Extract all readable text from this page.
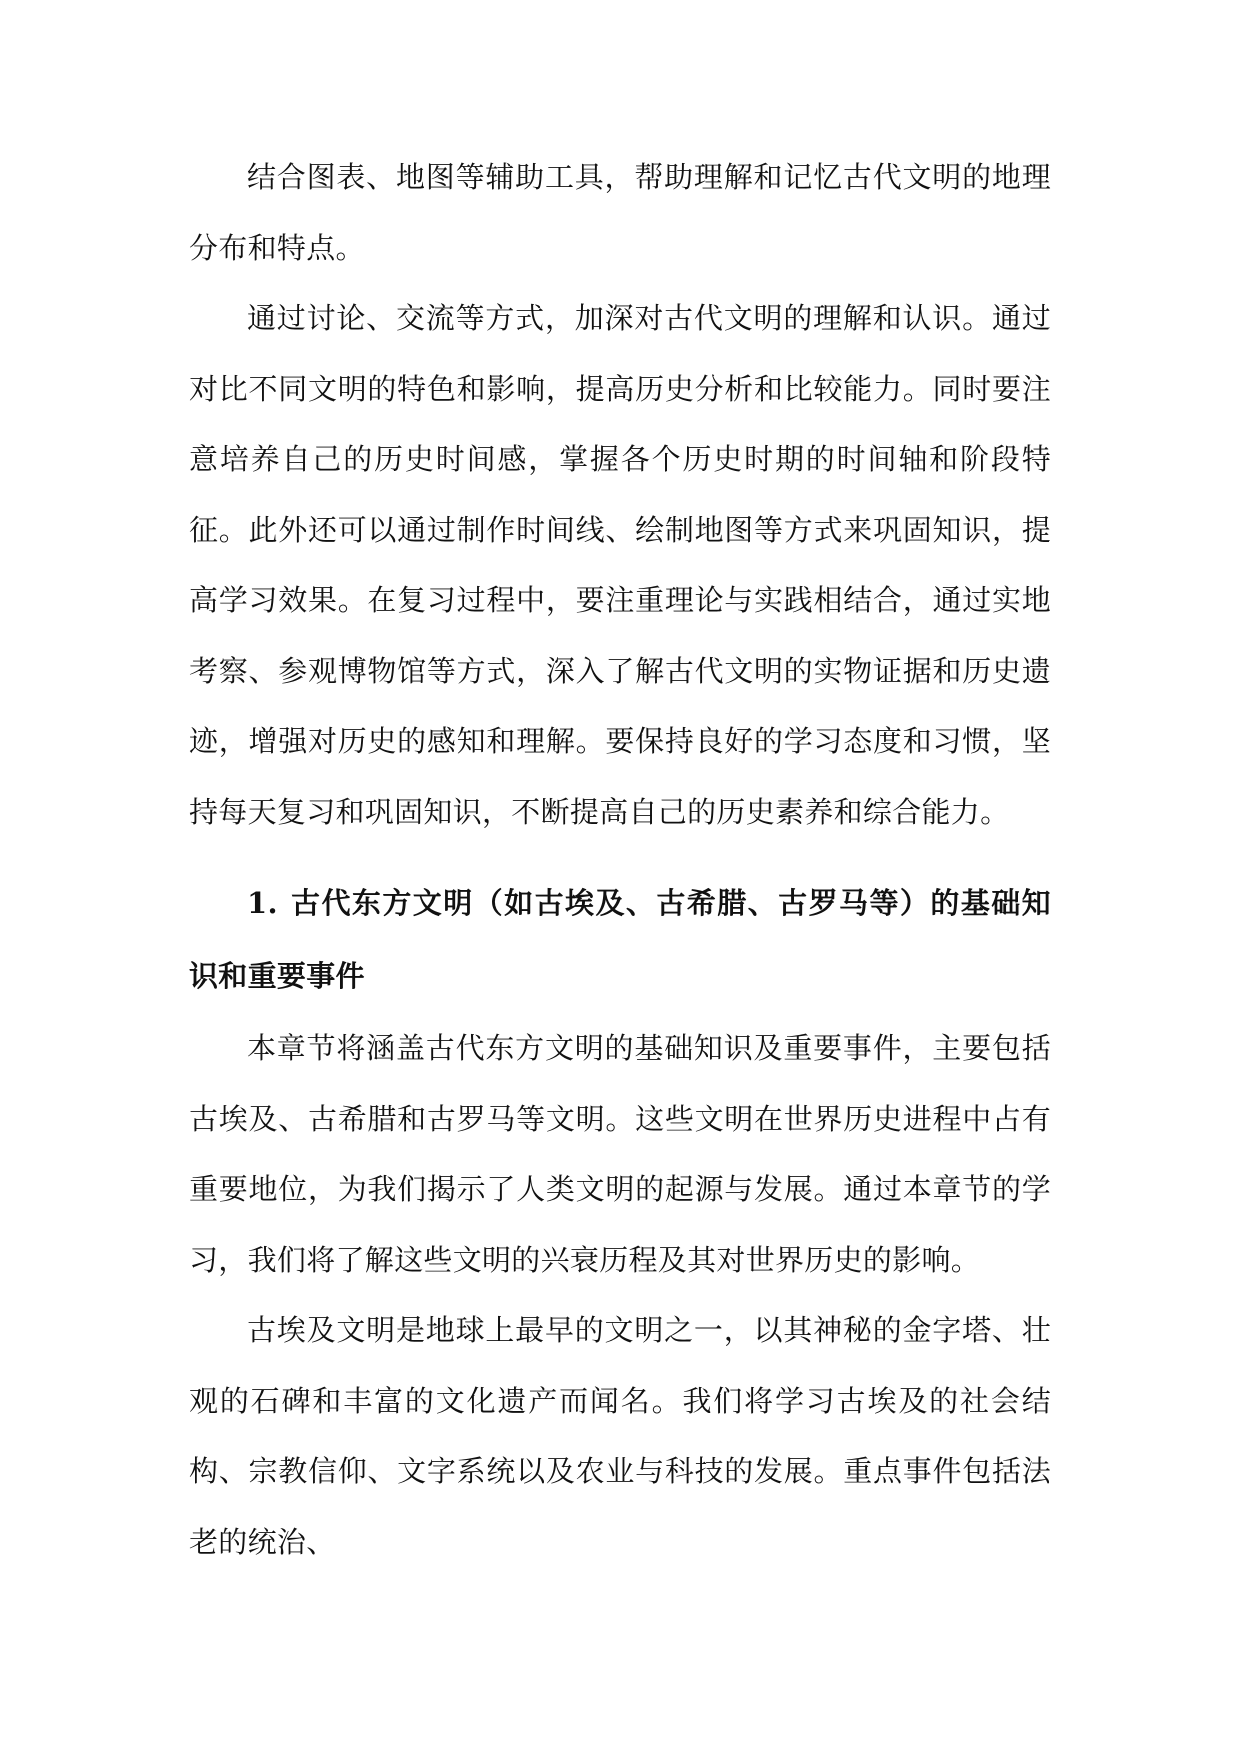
结合图表、地图等辅助工具，帮助理解和记忆古代文明的地理分布和特点。

通过讨论、交流等方式，加深对古代文明的理解和认识。通过对比不同文明的特色和影响，提高历史分析和比较能力。同时要注意培养自己的历史时间感，掌握各个历史时期的时间轴和阶段特征。此外还可以通过制作时间线、绘制地图等方式来巩固知识，提高学习效果。在复习过程中，要注重理论与实践相结合，通过实地考察、参观博物馆等方式，深入了解古代文明的实物证据和历史遗迹，增强对历史的感知和理解。要保持良好的学习态度和习惯，坚持每天复习和巩固知识，不断提高自己的历史素养和综合能力。

1. 古代东方文明（如古埃及、古希腊、古罗马等）的基础知识和重要事件

本章节将涵盖古代东方文明的基础知识及重要事件，主要包括古埃及、古希腊和古罗马等文明。这些文明在世界历史进程中占有重要地位，为我们揭示了人类文明的起源与发展。通过本章节的学习，我们将了解这些文明的兴衰历程及其对世界历史的影响。

古埃及文明是地球上最早的文明之一，以其神秘的金字塔、壮观的石碑和丰富的文化遗产而闻名。我们将学习古埃及的社会结构、宗教信仰、文字系统以及农业与科技的发展。重点事件包括法老的统治、
